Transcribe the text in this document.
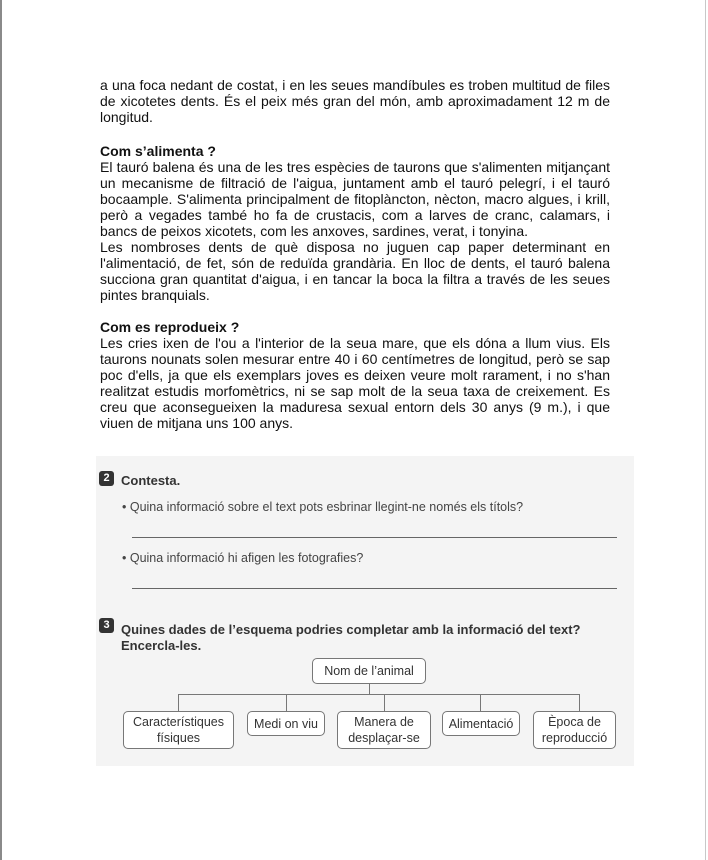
a una foca nedant de costat, i en les seues mandíbules es troben multitud de files de xicotetes dents. És el peix més gran del món, amb aproximadament 12 m de longitud.

Com s’alimenta ?

El tauró balena és una de les tres espècies de taurons que s'alimenten mitjançant un mecanisme de filtració de l'aigua, juntament amb el tauró pelegrí, i el tauró bocaample. S'alimenta principalment de fitoplàncton, nècton, macro algues, i krill, però a vegades també ho fa de crustacis, com a larves de cranc, calamars, i bancs de peixos xicotets, com les anxoves, sardines, verat, i tonyina.

Les nombroses dents de què disposa no juguen cap paper determinant en l'alimentació, de fet, són de reduïda grandària. En lloc de dents, el tauró balena succiona gran quantitat d'aigua, i en tancar la boca la filtra a través de les seues pintes branquials.

Com es reprodueix ?

Les cries ixen de l'ou a l'interior de la seua mare, que els dóna a llum vius. Els taurons nounats solen mesurar entre 40 i 60 centímetres de longitud, però se sap poc d'ells, ja que els exemplars joves es deixen veure molt rarament, i no s'han realitzat estudis morfomètrics, ni se sap molt de la seua taxa de creixement. Es creu que aconsegueixen la maduresa sexual entorn dels 30 anys (9 m.), i que viuen de mitjana uns 100 anys.

2 Contesta.
• Quina informació sobre el text pots esbrinar llegint-ne només els títols?
• Quina informació hi afigen les fotografies?
3 Quines dades de l’esquema podries completar amb la informació del text?
Encercla-les.
Nom de l’animal
Característiques físiques
Medi on viu	Manera de desplaçar-se
Alimentació	Època de reproducció
